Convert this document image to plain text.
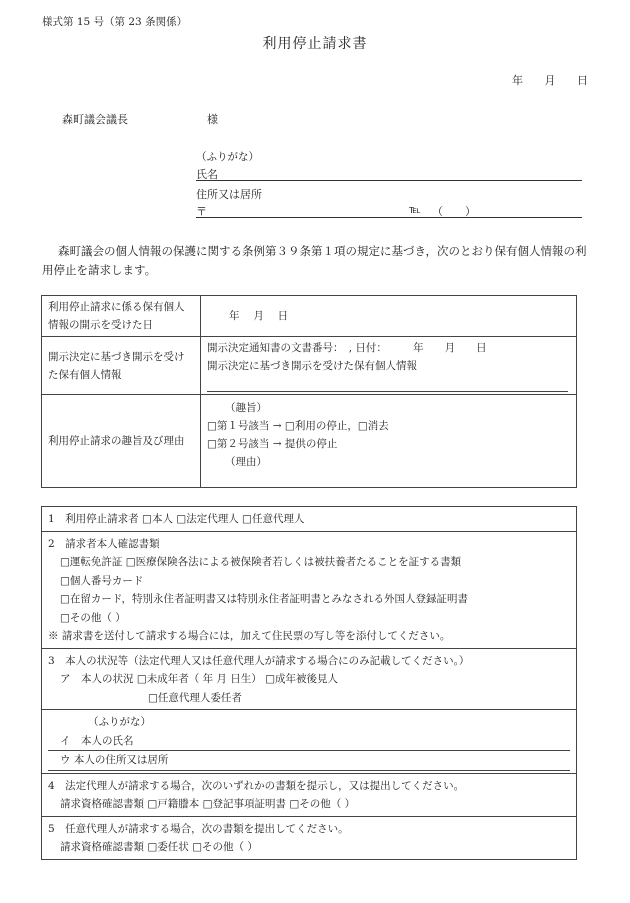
様式第 15 号（第 23 条関係）
利用停止請求書
年 月 日
森町議会議長	様
（ふりがな）
氏名
住所又は居所
〒	℡ （　　）
森町議会の個人情報の保護に関する条例第３９条第１項の規定に基づき，次のとおり保有個人情報の利用停止を請求します。
利用停止請求に係る保有個人情報の開示を受けた日	年　 月　 日
開示決定に基づき開示を受けた保有個人情報	開示決定通知書の文書番号：　, 日付：　　　年　　月　　日
開示決定に基づき開示を受けた保有個人情報

利用停止請求の趣旨及び理由	（趣旨）
□第１号該当 → □利用の停止，□消去
□第２号該当 → 提供の停止
（理由）
1　利用停止請求者 □本人 □法定代理人 □任意代理人
2　請求者本人確認書類
□運転免許証 □医療保険各法による被保険者若しくは被扶養者たることを証する書類
□個人番号カード
□在留カード，特別永住者証明書又は特別永住者証明書とみなされる外国人登録証明書
□その他（ ）
※ 請求書を送付して請求する場合には，加えて住民票の写し等を添付してください。
3　本人の状況等（法定代理人又は任意代理人が請求する場合にのみ記載してください。）
ア　本人の状況 □未成年者（ 年 月 日生） □成年被後見人
□任意代理人委任者
（ふりがな）
イ　本人の氏名
ウ 本人の住所又は居所
4　法定代理人が請求する場合，次のいずれかの書類を提示し，又は提出してください。
請求資格確認書類 □戸籍謄本 □登記事項証明書 □その他（ ）
5　任意代理人が請求する場合，次の書類を提出してください。
請求資格確認書類 □委任状 □その他（ ）
